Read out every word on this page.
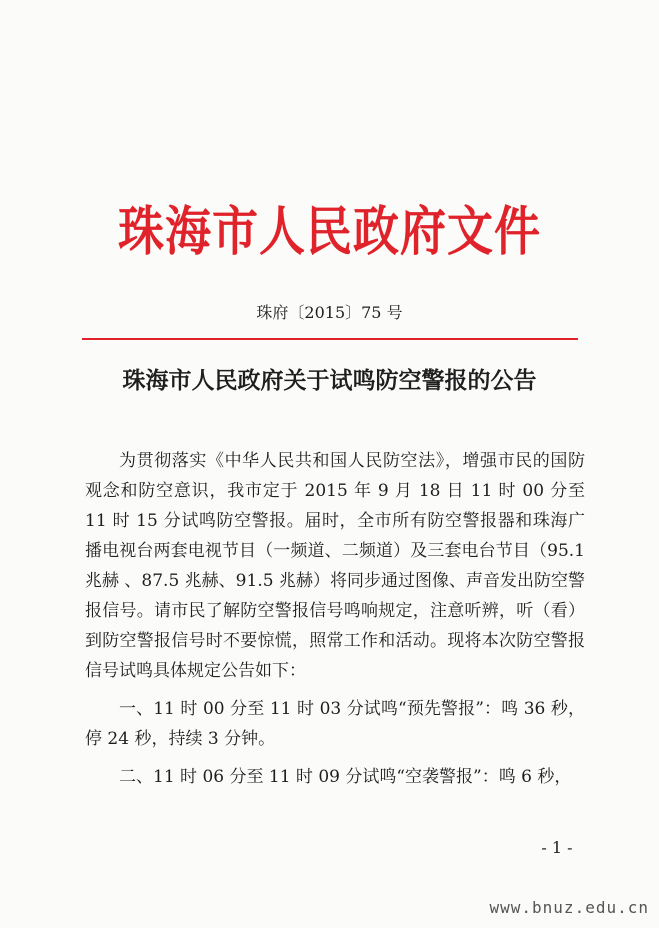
珠海市人民政府文件
珠府〔2015〕75 号
珠海市人民政府关于试鸣防空警报的公告

为贯彻落实《中华人民共和国人民防空法》，增强市民的国防观念和防空意识，我市定于 2015 年 9 月 18 日 11 时 00 分至 11 时 15 分试鸣防空警报。届时，全市所有防空警报器和珠海广播电视台两套电视节目（一频道、二频道）及三套电台节目（95.1 兆赫 、87.5 兆赫、91.5 兆赫）将同步通过图像、声音发出防空警报信号。请市民了解防空警报信号鸣响规定，注意听辨，听（看）到防空警报信号时不要惊慌，照常工作和活动。现将本次防空警报信号试鸣具体规定公告如下：

一、11 时 00 分至 11 时 03 分试鸣“预先警报”：鸣 36 秒，停 24 秒，持续 3 分钟。

二、11 时 06 分至 11 时 09 分试鸣“空袭警报”：鸣 6 秒，

- 1 -
www.bnuz.edu.cn
